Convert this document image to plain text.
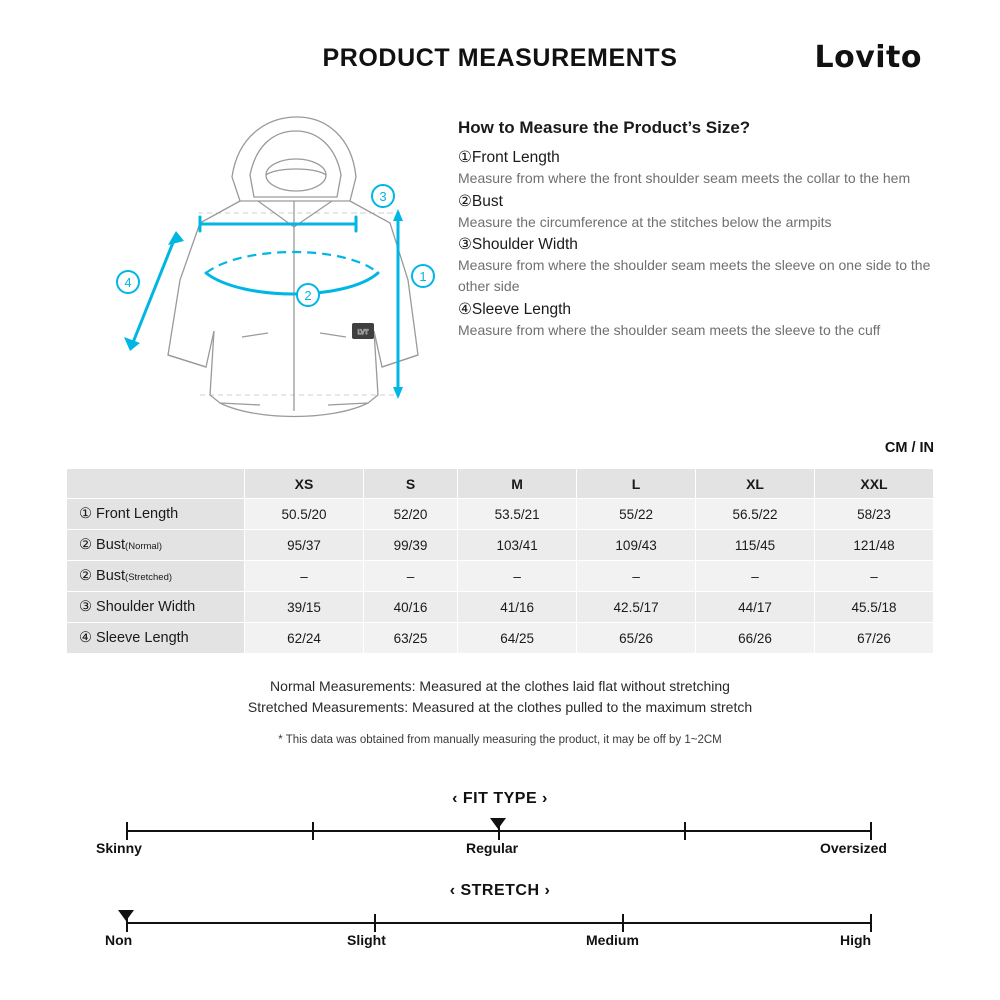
PRODUCT MEASUREMENTS	Lovito
LVT
3
1
2
4
How to Measure the Product’s Size?
①Front Length
Measure from where the front shoulder seam meets the collar to the hem
②Bust
Measure the circumference at the stitches below the armpits
③Shoulder Width
Measure from where the shoulder seam meets the sleeve on one side to the other side
④Sleeve Length
Measure from where the shoulder seam meets the sleeve to the cuff
CM / IN
	XS	S	M	L	XL	XXL
① Front Length	50.5/20	52/20	53.5/21	55/22	56.5/22	58/23
② Bust(Normal)	95/37	99/39	103/41	109/43	115/45	121/48
② Bust(Stretched)	–	–	–	–	–	–
③ Shoulder Width	39/15	40/16	41/16	42.5/17	44/17	45.5/18
④ Sleeve Length	62/24	63/25	64/25	65/26	66/26	67/26
Normal Measurements: Measured at the clothes laid flat without stretching
Stretched Measurements: Measured at the clothes pulled to the maximum stretch
* This data was obtained from manually measuring the product, it may be off by 1~2CM
‹ FIT TYPE ›
Skinny	Regular	Oversized
‹ STRETCH ›
Non	Slight	Medium	High
